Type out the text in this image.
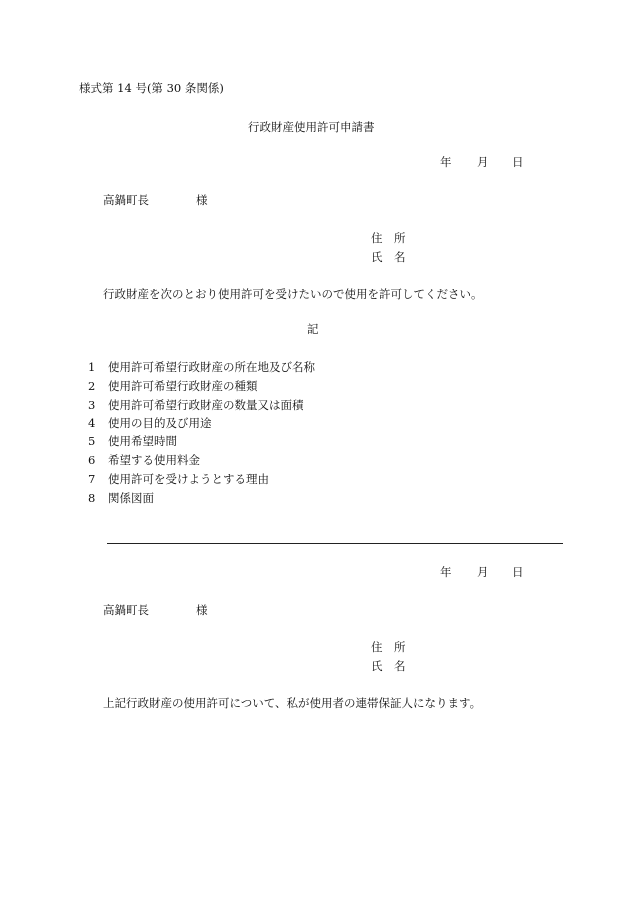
様式第 14 号(第 30 条関係)
行政財産使用許可申請書
年 月 日
高鍋町長	様
住　所
氏　名
行政財産を次のとおり使用許可を受けたいので使用を許可してください。
記
1 使用許可希望行政財産の所在地及び名称
2 使用許可希望行政財産の種類
3 使用許可希望行政財産の数量又は面積
4 使用の目的及び用途
5 使用希望時間
6 希望する使用料金
7 使用許可を受けようとする理由
8 関係図面
年 月 日
高鍋町長	様
住　所
氏　名
上記行政財産の使用許可について、私が使用者の連帯保証人になります。
